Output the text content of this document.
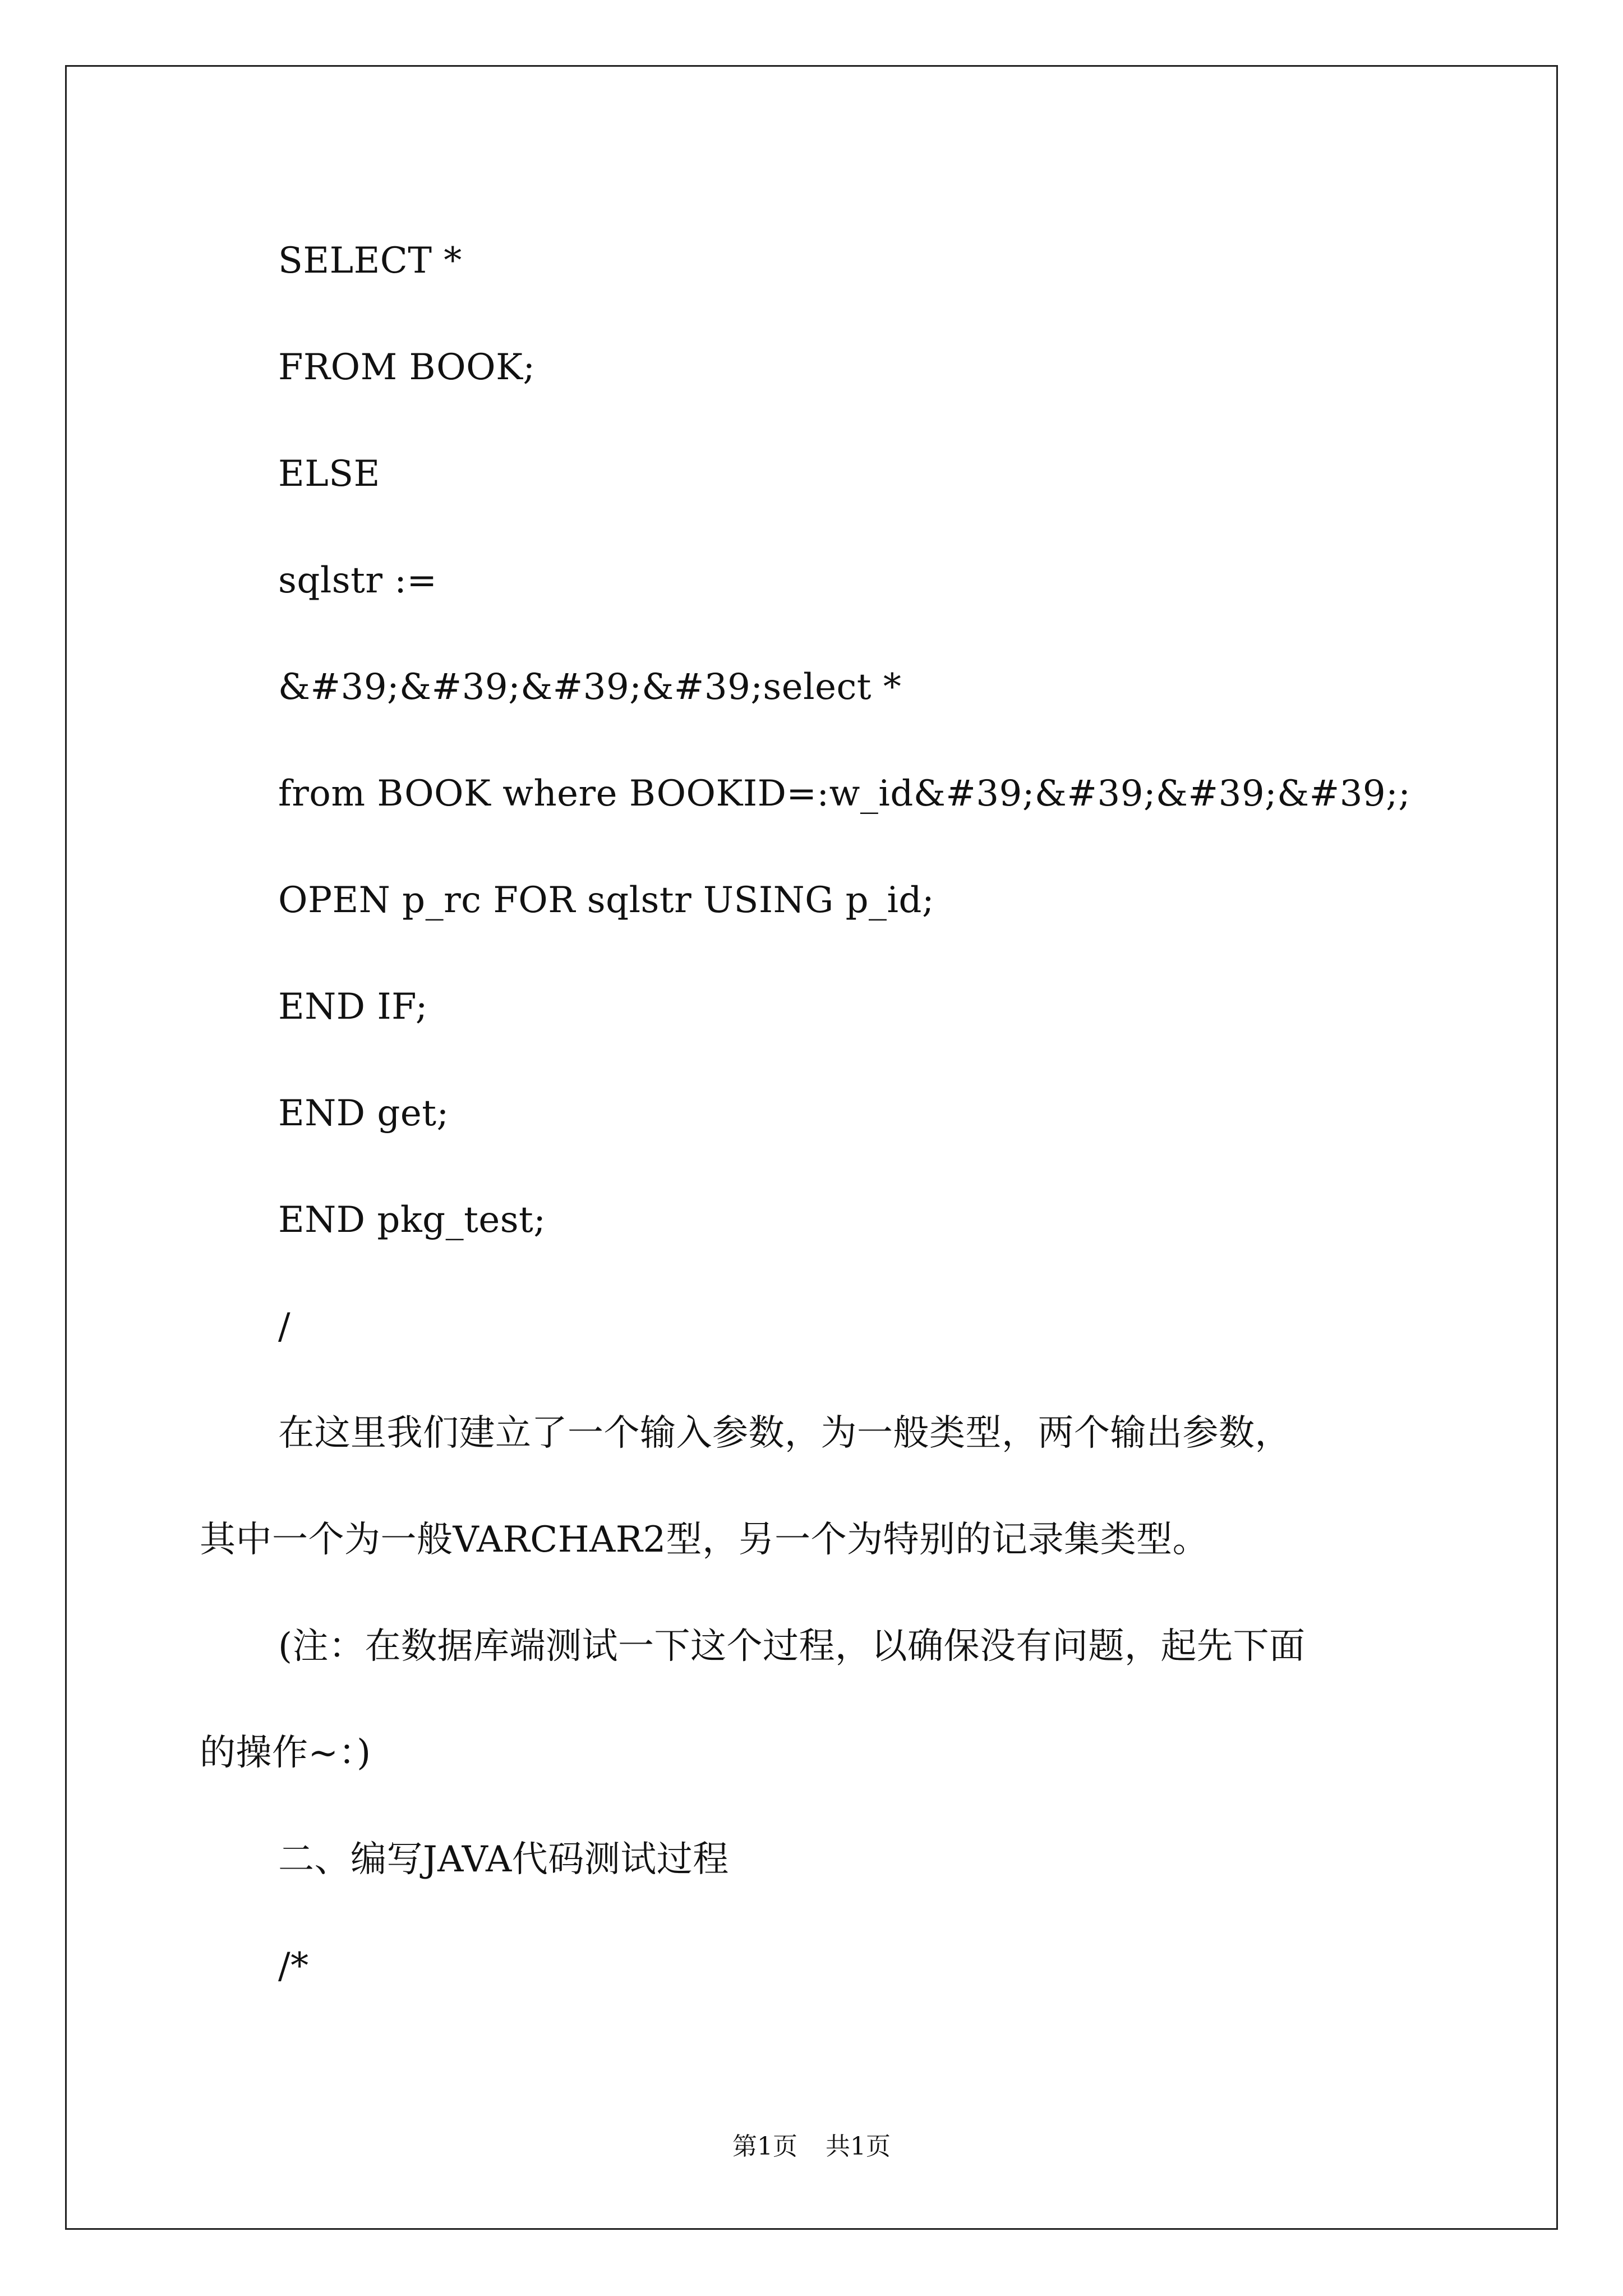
SELECT *
FROM BOOK;
ELSE
sqlstr :=
&#39;&#39;&#39;&#39;select *
from BOOK where BOOKID=:w_id&#39;&#39;&#39;&#39;;
OPEN p_rc FOR sqlstr USING p_id;
END IF;
END get;
END pkg_test;
/
在这里我们建立了一个输入参数，为一般类型，两个输出参数，
其中一个为一般VARCHAR2型，另一个为特别的记录集类型。
(注：在数据库端测试一下这个过程，以确保没有问题，起先下面
的操作~：)
二、编写JAVA代码测试过程
/*
第1页 共1页
